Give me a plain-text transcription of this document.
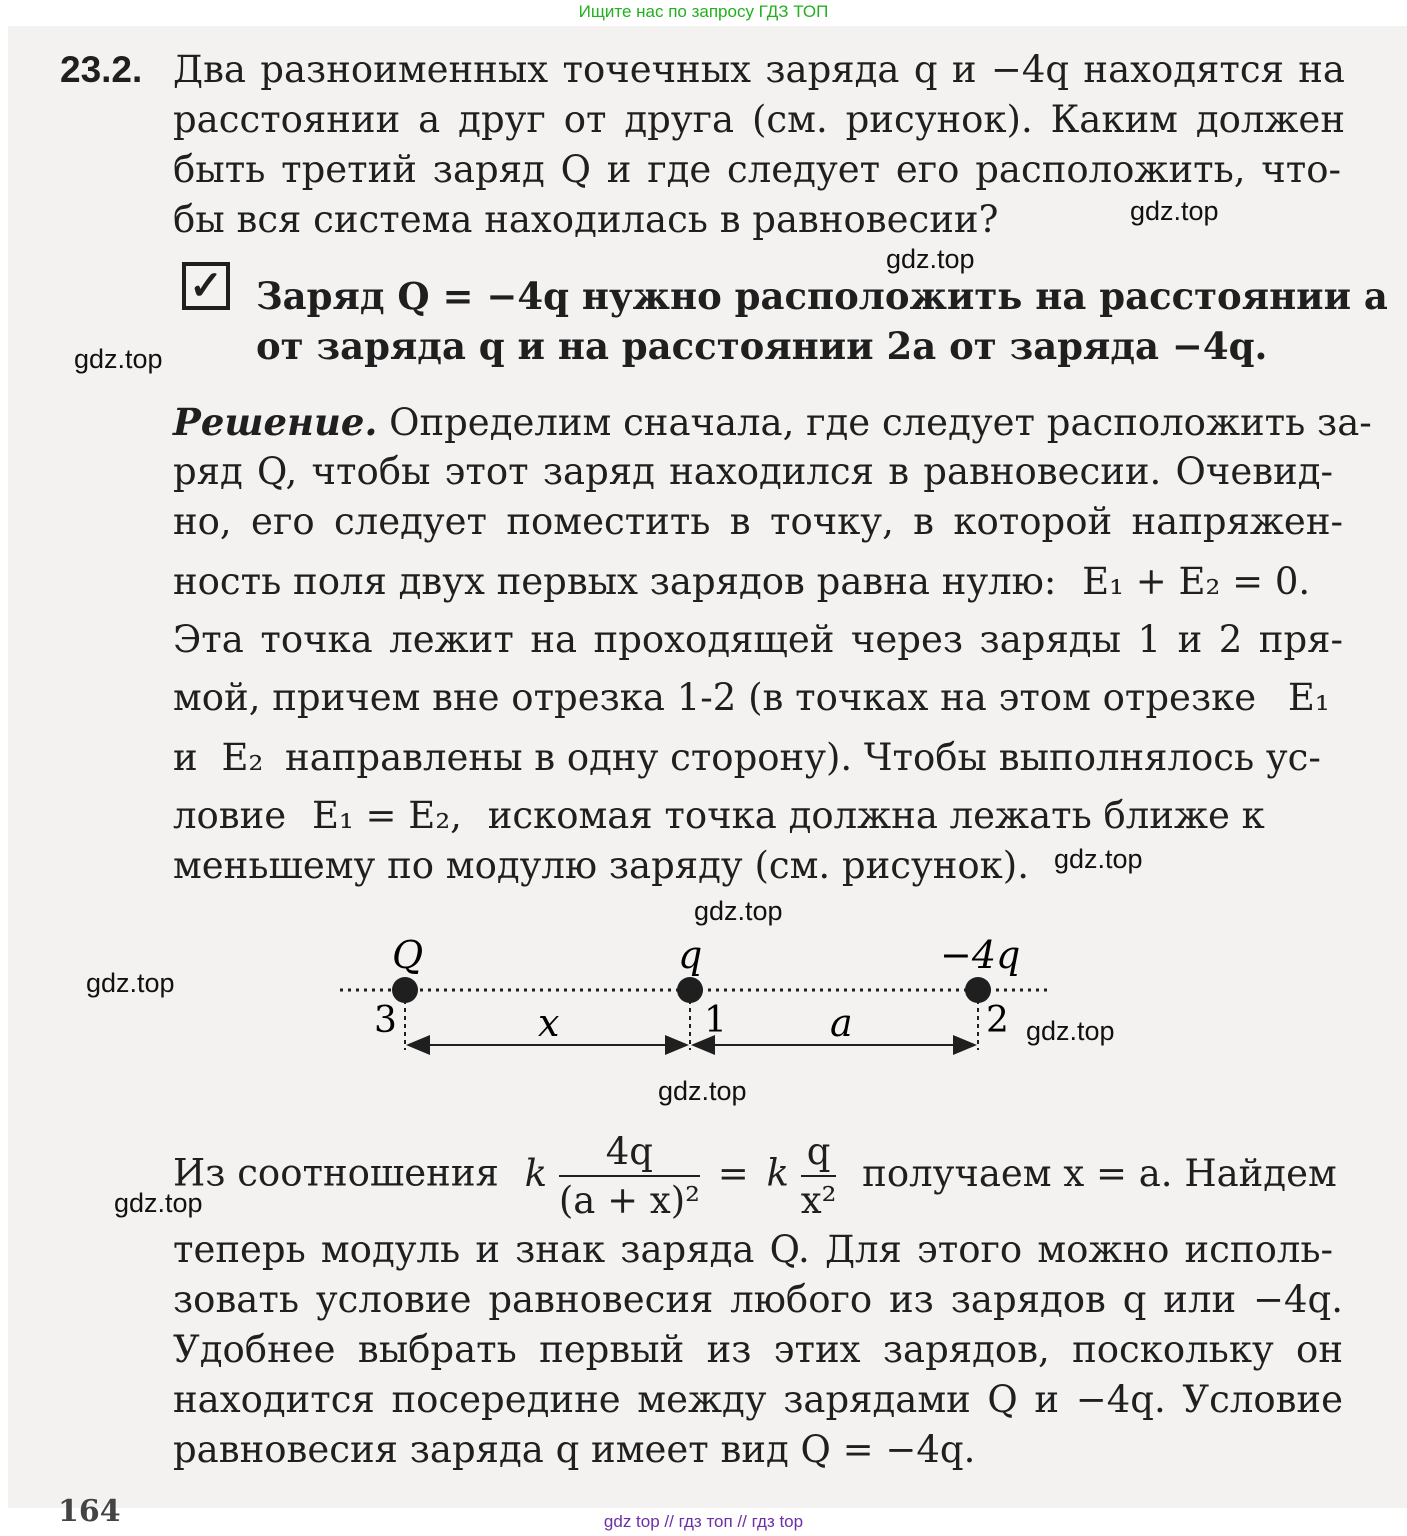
Ищите нас по запросу ГДЗ ТОП
23.2. Два разноименных точечных заряда q и −4q находятся на
расстоянии a друг от друга (см. рисунок). Каким должен
быть третий заряд Q и где следует его расположить, что-
бы вся система находилась в равновесии?
✓ Заряд Q = −4q нужно расположить на расстоянии a
от заряда q и на расстоянии 2a от заряда −4q.
Решение. Определим сначала, где следует расположить за-
ряд Q, чтобы этот заряд находился в равновесии. Очевид-
но, его следует поместить в точку, в которой напряжен-
ность поля двух первых зарядов равна нулю: E₁ + E₂ = 0.
Эта точка лежит на проходящей через заряды 1 и 2 пря-
мой, причем вне отрезка 1-2 (в точках на этом отрезке E₁
и E₂ направлены в одну сторону). Чтобы выполнялось ус-
ловие E₁ = E₂, искомая точка должна лежать ближе к
меньшему по модулю заряду (см. рисунок).
Q	q	−4q
3	1	2
x	a
Из соотношения k $\frac{4q}{\text{(a + x)²}} = k \frac{q}{\text{x²}}$ получаем x = a. Найдем
теперь модуль и знак заряда Q. Для этого можно исполь-
зовать условие равновесия любого из зарядов q или −4q.
Удобнее выбрать первый из этих зарядов, поскольку он
находится посередине между зарядами Q и −4q. Условие
равновесия заряда q имеет вид Q = −4q.
164
gdz.top
gdz.top
gdz.top
gdz.top
gdz.top
gdz.top
gdz.top
gdz.top
gdz.top
gdz top // гдз топ // гдз top
